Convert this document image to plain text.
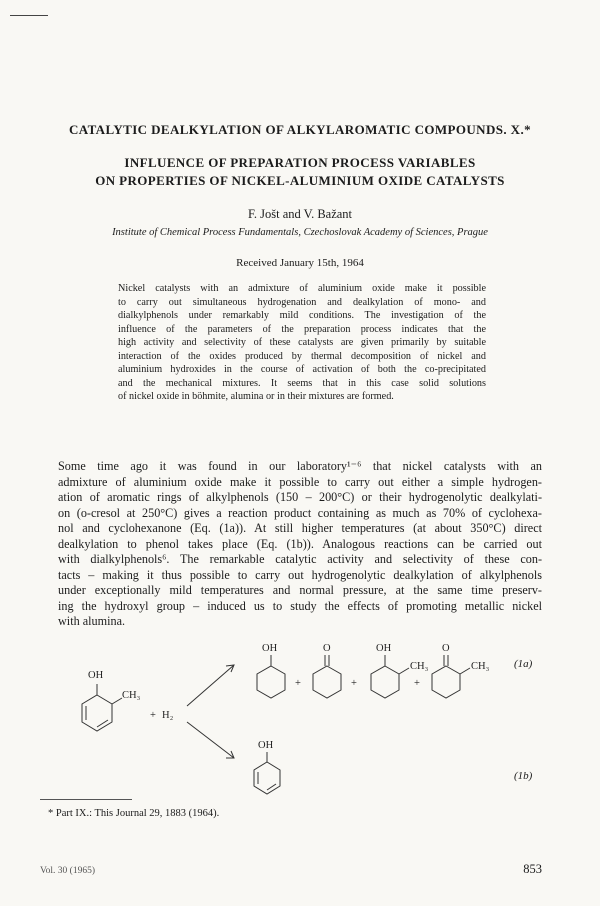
CATALYTIC DEALKYLATION OF ALKYLAROMATIC COMPOUNDS. X.*
INFLUENCE OF PREPARATION PROCESS VARIABLES
ON PROPERTIES OF NICKEL-ALUMINIUM OXIDE CATALYSTS
F. Jošt and V. Bažant
Institute of Chemical Process Fundamentals, Czechoslovak Academy of Sciences, Prague
Received January 15th, 1964
Nickel catalysts with an admixture of aluminium oxide make it possible
to carry out simultaneous hydrogenation and dealkylation of mono- and
dialkylphenols under remarkably mild conditions. The investigation of the
influence of the parameters of the preparation process indicates that the
high activity and selectivity of these catalysts are given primarily by suitable
interaction of the oxides produced by thermal decomposition of nickel and
aluminium hydroxides in the course of activation of both the co-precipitated
and the mechanical mixtures. It seems that in this case solid solutions
of nickel oxide in böhmite, alumina or in their mixtures are formed.
Some time ago it was found in our laboratory¹⁻⁶ that nickel catalysts with an
admixture of aluminium oxide make it possible to carry out either a simple hydrogen-
ation of aromatic rings of alkylphenols (150 – 200°C) or their hydrogenolytic dealkylati-
on (o-cresol at 250°C) gives a reaction product containing as much as 70% of cyclohexa-
nol and cyclohexanone (Eq. (1a)). At still higher temperatures (at about 350°C) direct
dealkylation to phenol takes place (Eq. (1b)). Analogous reactions can be carried out
with dialkylphenols⁶. The remarkable catalytic activity and selectivity of these con-
tacts – making it thus possible to carry out hydrogenolytic dealkylation of alkylphenols
under exceptionally mild temperatures and normal pressure, at the same time preserv-
ing the hydroxyl group – induced us to study the effects of promoting metallic nickel
with alumina.
OH
CH₃
+ H₂
OH
+
O
+
OH
CH₃
+
O
CH₃
OH
(1a)
(1b)
* Part IX.: This Journal 29, 1883 (1964).
Vol. 30 (1965)	853
